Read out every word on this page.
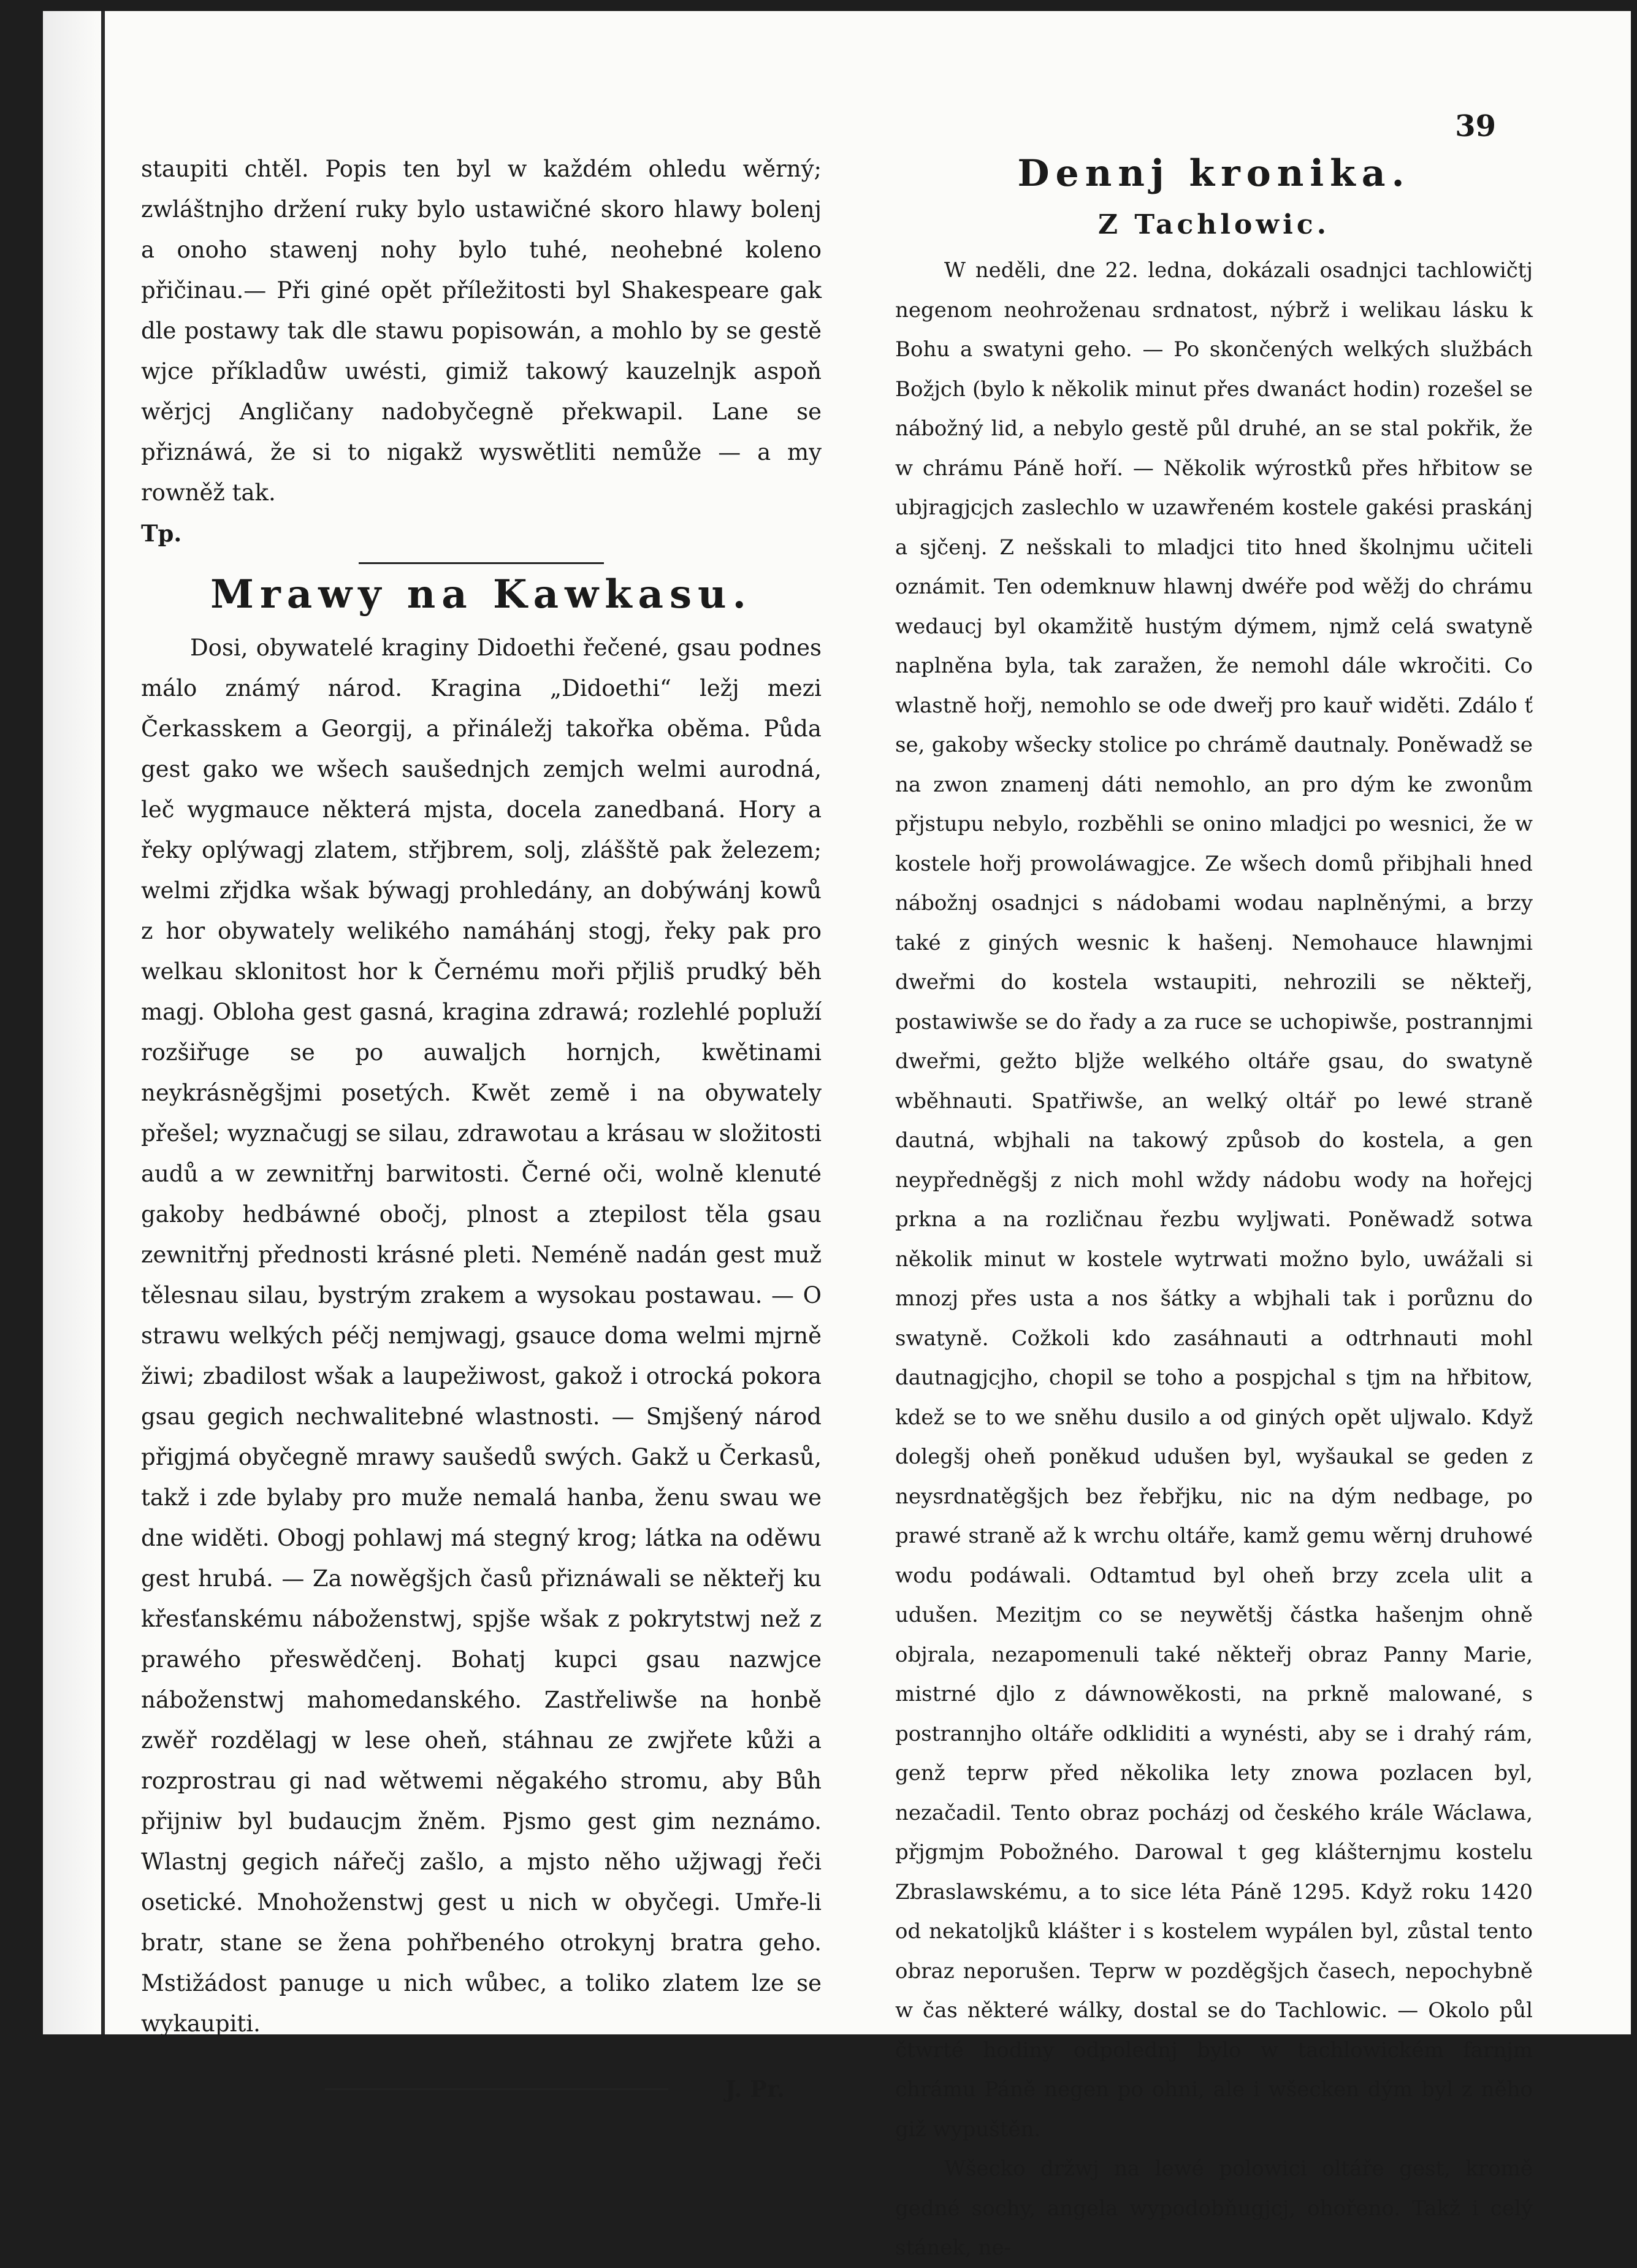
39

staupiti chtěl. Popis ten byl w každém ohledu wěrný; zwláštnjho držení ruky bylo ustawičné skoro hlawy bolenj a onoho stawenj nohy bylo tuhé, neohebné koleno přičinau.— Při giné opět příležitosti byl Shakespeare gak dle postawy tak dle stawu popisowán, a mohlo by se gestě wjce příkladůw uwésti, gimiž takowý kauzelnjk aspoň wěrjcj Angličany nadobyčegně překwapil. Lane se přiznáwá, že si to nigakž wyswětliti nemůže — a my rowněž tak.

Tp.

Mrawy na Kawkasu.

Dosi, obywatelé kraginy Didoethi řečené, gsau podnes málo známý národ. Kragina „Didoethi“ ležj mezi Čerkasskem a Georgij, a přináležj takořka oběma. Půda gest gako we wšech saušednjch zemjch welmi aurodná, leč wygmauce některá mjsta, docela zanedbaná. Hory a řeky oplýwagj zlatem, střjbrem, solj, zlášště pak železem; welmi zřjdka wšak býwagj prohledány, an dobýwánj kowů z hor obywately welikého namáhánj stogj, řeky pak pro welkau sklonitost hor k Černému moři přjliš prudký běh magj. Obloha gest gasná, kragina zdrawá; rozlehlé popluží rozšiřuge se po auwaljch hornjch, kwětinami neykrásněgšjmi posetých. Kwět země i na obywately přešel; wyznačugj se silau, zdrawotau a krásau w složitosti audů a w zewnitřnj barwitosti. Černé oči, wolně klenuté gakoby hedbáwné obočj, plnost a ztepilost těla gsau zewnitřnj přednosti krásné pleti. Neméně nadán gest muž tělesnau silau, bystrým zrakem a wysokau postawau. — O strawu welkých péčj nemjwagj, gsauce doma welmi mjrně žiwi; zbadilost wšak a laupežiwost, gakož i otrocká pokora gsau gegich nechwalitebné wlastnosti. — Smjšený národ přigjmá obyčegně mrawy saušedů swých. Gakž u Čerkasů, takž i zde bylaby pro muže nemalá hanba, ženu swau we dne widěti. Obogj pohlawj má stegný krog; látka na oděwu gest hrubá. — Za nowěgšjch časů přiznáwali se někteřj ku křesťanskému náboženstwj, spjše wšak z pokrytstwj než z prawého přeswědčenj. Bohatj kupci gsau nazwjce náboženstwj mahomedanského. Zastřeliwše na honbě zwěř rozdělagj w lese oheň, stáhnau ze zwjřete kůži a rozprostrau gi nad wětwemi něgakého stromu, aby Bůh přijniw byl budaucjm žněm. Pjsmo gest gim neznámo. Wlastnj gegich nářečj zašlo, a mjsto něho užjwagj řeči osetické. Mnohoženstwj gest u nich w obyčegi. Umře-li bratr, stane se žena pohřbeného otrokynj bratra geho. Mstižádost panuge u nich wůbec, a toliko zlatem lze se wykaupiti.

J. Pr.
Dennj kronika.
Z Tachlowic.

W neděli, dne 22. ledna, dokázali osadnjci tachlowičtj negenom neohroženau srdnatost, nýbrž i welikau lásku k Bohu a swatyni geho. — Po skončených welkých službách Božjch (bylo k několik minut přes dwanáct hodin) rozešel se nábožný lid, a nebylo gestě půl druhé, an se stal pokřik, že w chrámu Páně hoří. — Několik wýrostků přes hřbitow se ubjragjcjch zaslechlo w uzawřeném kostele gakési praskánj a sjčenj. Z nešskali to mladjci tito hned školnjmu učiteli oznámit. Ten odemknuw hlawnj dwéře pod wěžj do chrámu wedaucj byl okamžitě hustým dýmem, njmž celá swatyně naplněna byla, tak zaražen, že nemohl dále wkročiti. Co wlastně hořj, nemohlo se ode dweřj pro kauř widěti. Zdálo ť se, gakoby wšecky stolice po chrámě dautnaly. Poněwadž se na zwon znamenj dáti nemohlo, an pro dým ke zwonům přjstupu nebylo, rozběhli se onino mladjci po wesnici, že w kostele hořj prowoláwagjce. Ze wšech domů přibjhali hned nábožnj osadnjci s nádobami wodau naplněnými, a brzy také z giných wesnic k hašenj. Nemohauce hlawnjmi dweřmi do kostela wstaupiti, nehrozili se někteřj, postawiwše se do řady a za ruce se uchopiwše, postrannjmi dweřmi, gežto bljže welkého oltáře gsau, do swatyně wběhnauti. Spatřiwše, an welký oltář po lewé straně dautná, wbjhali na takowý způsob do kostela, a gen neypředněgšj z nich mohl wždy nádobu wody na hořejcj prkna a na rozličnau řezbu wyljwati. Poněwadž sotwa několik minut w kostele wytrwati možno bylo, uwážali si mnozj přes usta a nos šátky a wbjhali tak i porůznu do swatyně. Cožkoli kdo zasáhnauti a odtrhnauti mohl dautnagjcjho, chopil se toho a pospjchal s tjm na hřbitow, kdež se to we sněhu dusilo a od giných opět uljwalo. Když dolegšj oheň poněkud udušen byl, wyšaukal se geden z neysrdnatěgšjch bez řebřjku, nic na dým nedbage, po prawé straně až k wrchu oltáře, kamž gemu wěrnj druhowé wodu podáwali. Odtamtud byl oheň brzy zcela ulit a udušen. Mezitjm co se neywětšj částka hašenjm ohně objrala, nezapomenuli také někteřj obraz Panny Marie, mistrné djlo z dáwnowěkosti, na prkně malowané, s postrannjho oltáře odkliditi a wynésti, aby se i drahý rám, genž teprw před několika lety znowa pozlacen byl, nezačadil. Tento obraz pocházj od českého krále Wáclawa, přjgmjm Pobožného. Darowal t geg klášternjmu kostelu Zbraslawskému, a to sice léta Páně 1295. Když roku 1420 od nekatoljků klášter i s kostelem wypálen byl, zůstal tento obraz neporušen. Teprw w pozděgšjch časech, nepochybně w čas některé wálky, dostal se do Tachlowic. — Okolo půl čtwrté hodiny odpolednj bylo w tachlowickém farnjm chrámu Páně negen po ohni, ale i wšecken dým byl z něho giž wypuštěn.

Wšecko držwj na lewé polowici oltáře gest, kromě gedné sochy, angela wypodobňugjcj, ohořeno. Takž i celý stánek, ne-
